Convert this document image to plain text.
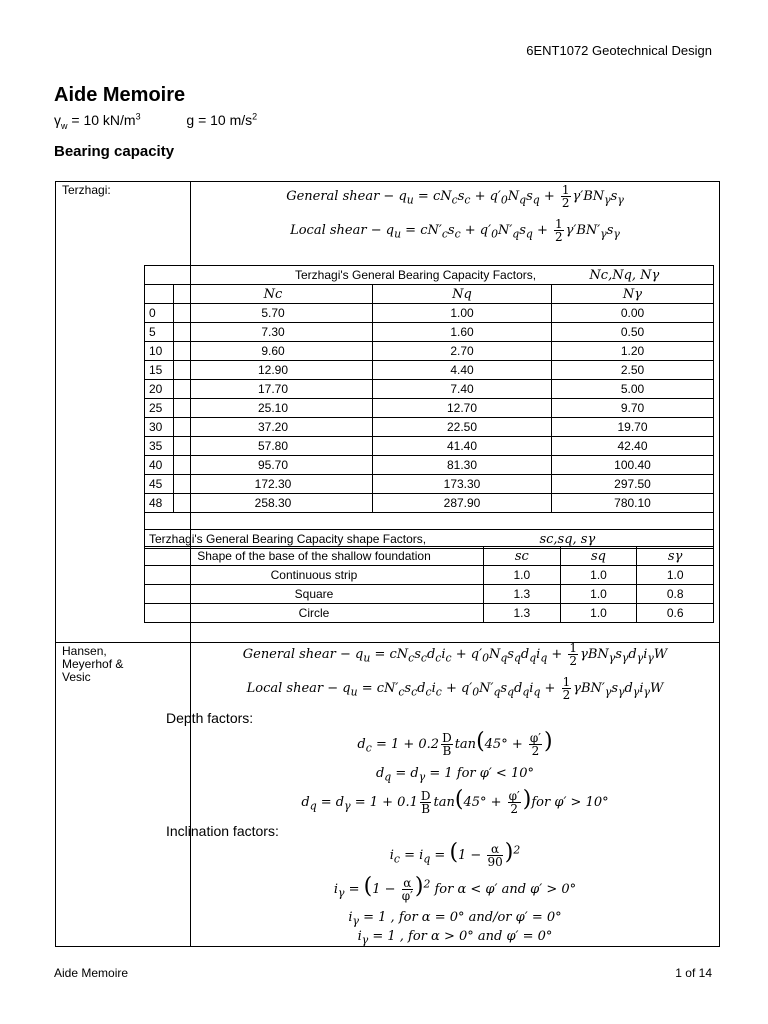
6ENT1072 Geotechnical Design
Aide Memoire
$\gamma_w = 10$ $kN/m^3$	g = 10 $m/s^2$
Bearing capacity
Terzhagi:	General shear − $q_u = cN_cs_c + q'_0N_qs_q + \frac{1}{2} \gamma'BN_\gamma s_\gamma$
Local shear − $q_u = cN'_cs_c + q'_0N'_qs_q + \frac{1}{2} \gamma'BN'_\gamma s_\gamma$
Terzhagi's General Bearing Capacity Factors, Nc,Nq, Nγ			
	Nc	Nq	Nγ
0	5.70	1.00	0.00
5	7.30	1.60	0.50
10	9.60	2.70	1.20
15	12.90	4.40	2.50
20	17.70	7.40	5.00
25	25.10	12.70	9.70
30	37.20	22.50	19.70
35	57.80	41.40	42.40
40	95.70	81.30	100.40
45	172.30	173.30	297.50
48	258.30	287.90	780.10

Terzhagi's General Bearing Capacity shape Factors, sc,sq, sγ			
Shape of the base of the shallow foundation	sc	sq	sγ
Continuous strip	1.0	1.0	1.0
Square	1.3	1.0	0.8
Circle	1.3	1.0	0.6
Hansen,
Meyerhof &
Vesic
General shear − $q_u = cN_cs_cd_ci_c + q'_0N_qs_qd_qi_q + \frac{1}{2} \gamma BN_\gamma s_\gamma d_\gamma i_\gamma W$
Local shear − $q_u = cN'_cs_cd_ci_c + q'_0N'_qs_qd_qi_q + \frac{1}{2} \gamma BN'_\gamma s_\gamma d_\gamma i_\gamma W$
Depth factors:
$d_c = 1 + 0.2 \frac{D}{B} \tan(45^\circ + \frac{\varphi'}{2}$ )
$d_q = d_\gamma = 1$ for φ′ < 10°
$d_q = d_\gamma = 1 + 0.1 \frac{D}{B} \tan(45^\circ + \frac{\varphi'}{2} )for$ φ′ > 10°
Inclination factors:
$i_c = i_q = (1 - \frac{\alpha}{90} )^2$
$i_\gamma = (1 - \frac{\alpha}{\varphi'} )^2$ for α < φ′ and φ′ > 0°
$i_\gamma = 1$ , for α = 0° and/or φ′ = 0°
$i_\gamma = 1$ , for α > 0° and φ′ = 0°
Aide Memoire	1 of 14
